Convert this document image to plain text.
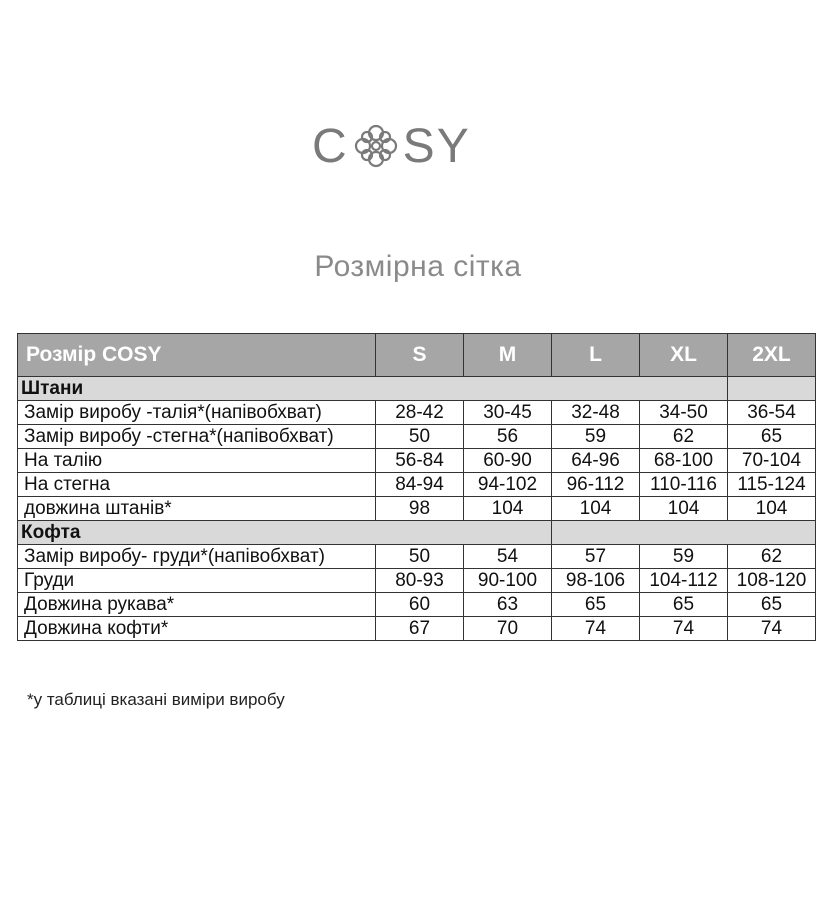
C SY
Розмірна сітка
Розмір COSY	S	M	L	XL	2XL
Штани					
Замір виробу -талія*(напівобхват)	28-42	30-45	32-48	34-50	36-54
Замір виробу -стегна*(напівобхват)	50	56	59	62	65
На талію	56-84	60-90	64-96	68-100	70-104
На стегна	84-94	94-102	96-112	110-116	115-124
довжина штанів*	98	104	104	104	104
Кофта					
Замір виробу- груди*(напівобхват)	50	54	57	59	62
Груди	80-93	90-100	98-106	104-112	108-120
Довжина рукава*	60	63	65	65	65
Довжина кофти*	67	70	74	74	74
*у таблиці вказані виміри виробу
